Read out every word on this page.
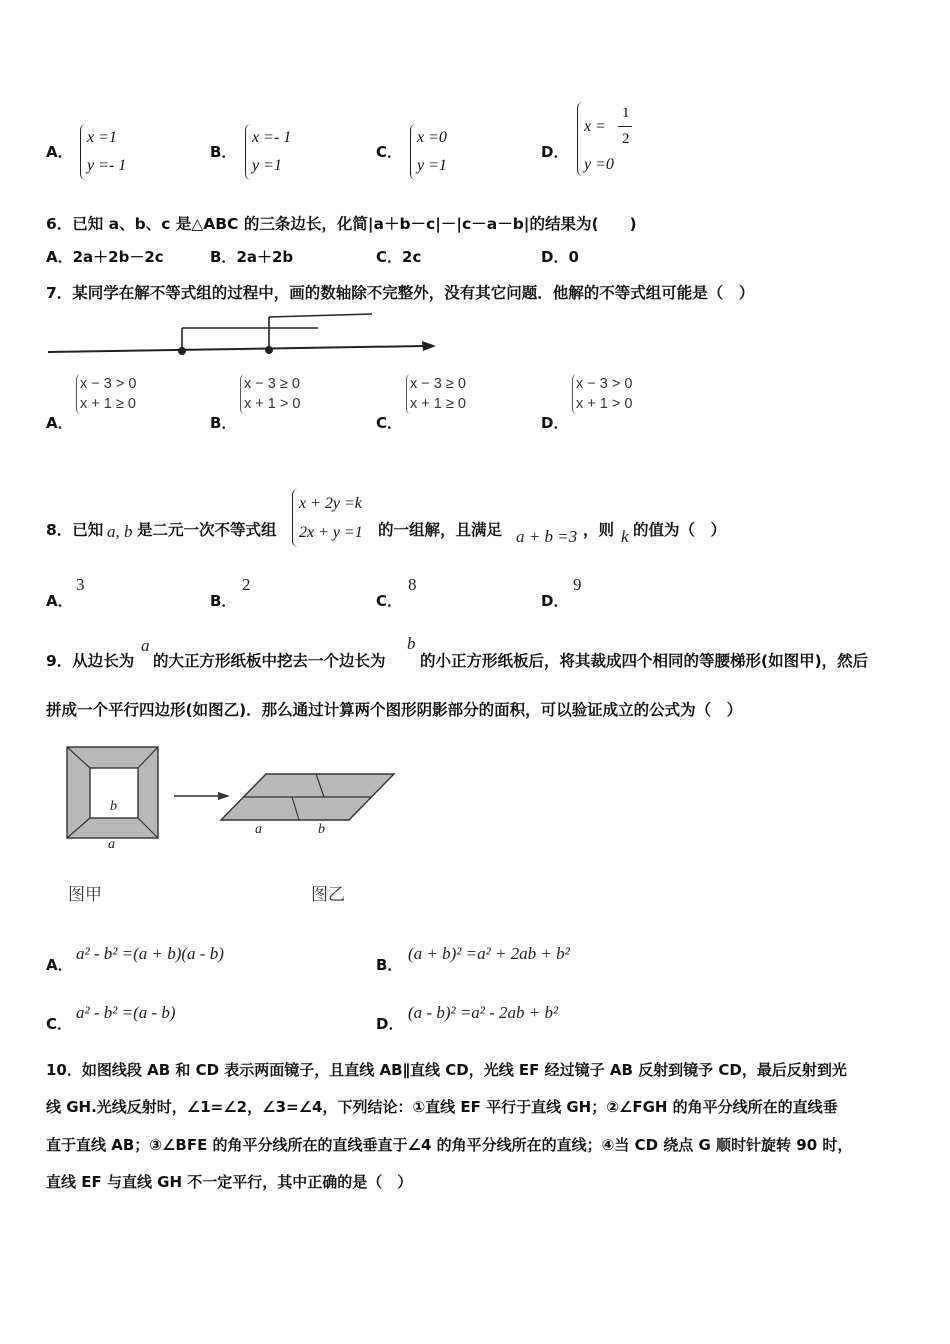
A．
x =1
y =- 1
B．
x =- 1
y =1
C．
x =0
y =1
D．
x =
1
2
y =0
6．已知 a、b、c 是△ABC 的三条边长，化简|a＋b－c|－|c－a－b|的结果为(　　)
A．2a＋2b－2c	B．2a＋2b	C．2c	D．0
7．某同学在解不等式组的过程中，画的数轴除不完整外，没有其它问题．他解的不等式组可能是（　）
A．
x − 3 > 0
x + 1 ≥ 0
B．
x − 3 ≥ 0
x + 1 > 0
C．
x − 3 ≥ 0
x + 1 ≥ 0
D．
x − 3 > 0
x + 1 > 0
8．已知 a, b 是二元一次不等式组
x + 2y =k
2x + y =1 的一组解，且满足 a + b =3 ，则 k 的值为（　）
A．
3
B．
2
C．
8
D．
9
9．从边长为
a
的大正方形纸板中挖去一个边长为
b
的小正方形纸板后，将其裁成四个相同的等腰梯形(如图甲)，然后
拼成一个平行四边形(如图乙)．那么通过计算两个图形阴影部分的面积，可以验证成立的公式为（　）
b
a
图甲
a	b
图乙
A．
a² - b² =(a + b)(a - b)
B．
(a + b)² =a² + 2ab + b²
C．
a² - b² =(a - b)
D．
(a - b)² =a² - 2ab + b²
10．如图线段 AB 和 CD 表示两面镜子，且直线 AB∥直线 CD，光线 EF 经过镜子 AB 反射到镜予 CD，最后反射到光
线 GH.光线反射时，∠1=∠2，∠3=∠4，下列结论：①直线 EF 平行于直线 GH；②∠FGH 的角平分线所在的直线垂
直于直线 AB；③∠BFE 的角平分线所在的直线垂直于∠4 的角平分线所在的直线；④当 CD 绕点 G 顺时针旋转 90 时，
直线 EF 与直线 GH 不一定平行，其中正确的是（　）
